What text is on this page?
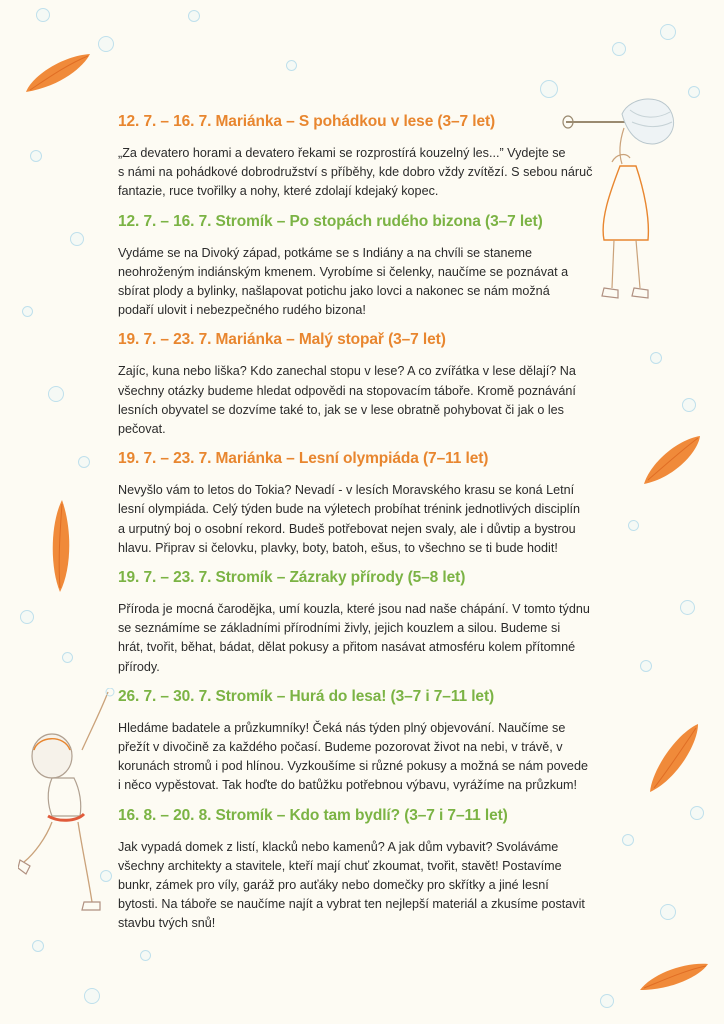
12. 7. – 16. 7. Mariánka – S pohádkou v lese (3–7 let)

„Za devatero horami a devatero řekami se rozprostírá kouzelný les...” Vydejte se
s námi na pohádkové dobrodružství s příběhy, kde dobro vždy zvítězí. S sebou náruč
fantazie, ruce tvořilky a nohy, které zdolají kdejaký kopec.

12. 7. – 16. 7. Stromík – Po stopách rudého bizona (3–7 let)

Vydáme se na Divoký západ, potkáme se s Indiány a na chvíli se staneme
neohroženým indiánským kmenem. Vyrobíme si čelenky, naučíme se poznávat a
sbírat plody a bylinky, našlapovat potichu jako lovci a nakonec se nám možná
podaří ulovit i nebezpečného rudého bizona!

19. 7. – 23. 7. Mariánka – Malý stopař (3–7 let)

Zajíc, kuna nebo liška? Kdo zanechal stopu v lese? A co zvířátka v lese dělají? Na
všechny otázky budeme hledat odpovědi na stopovacím táboře. Kromě poznávání
lesních obyvatel se dozvíme také to, jak se v lese obratně pohybovat či jak o les
pečovat.

19. 7. – 23. 7. Mariánka – Lesní olympiáda (7–11 let)

Nevyšlo vám to letos do Tokia? Nevadí - v lesích Moravského krasu se koná Letní
lesní olympiáda. Celý týden bude na výletech probíhat trénink jednotlivých disciplín
a urputný boj o osobní rekord. Budeš potřebovat nejen svaly, ale i důvtip a bystrou
hlavu. Připrav si čelovku, plavky, boty, batoh, ešus, to všechno se ti bude hodit!

19. 7. – 23. 7. Stromík – Zázraky přírody (5–8 let)

Příroda je mocná čarodějka, umí kouzla, které jsou nad naše chápání. V tomto týdnu
se seznámíme se základními přírodními živly, jejich kouzlem a silou. Budeme si
hrát, tvořit, běhat, bádat, dělat pokusy a přitom nasávat atmosféru kolem přítomné
přírody.

26. 7. – 30. 7. Stromík – Hurá do lesa! (3–7 i 7–11 let)

Hledáme badatele a průzkumníky! Čeká nás týden plný objevování. Naučíme se
přežít v divočině za každého počasí. Budeme pozorovat život na nebi, v trávě, v
korunách stromů i pod hlínou. Vyzkoušíme si různé pokusy a možná se nám povede
i něco vypěstovat. Tak hoďte do batůžku potřebnou výbavu, vyrážíme na průzkum!

16. 8. – 20. 8. Stromík – Kdo tam bydlí? (3–7 i 7–11 let)

Jak vypadá domek z listí, klacků nebo kamenů? A jak dům vybavit? Svoláváme
všechny architekty a stavitele, kteří mají chuť zkoumat, tvořit, stavět! Postavíme
bunkr, zámek pro víly, garáž pro auťáky nebo domečky pro skřítky a jiné lesní
bytosti. Na táboře se naučíme najít a vybrat ten nejlepší materiál a zkusíme postavit
stavbu tvých snů!
